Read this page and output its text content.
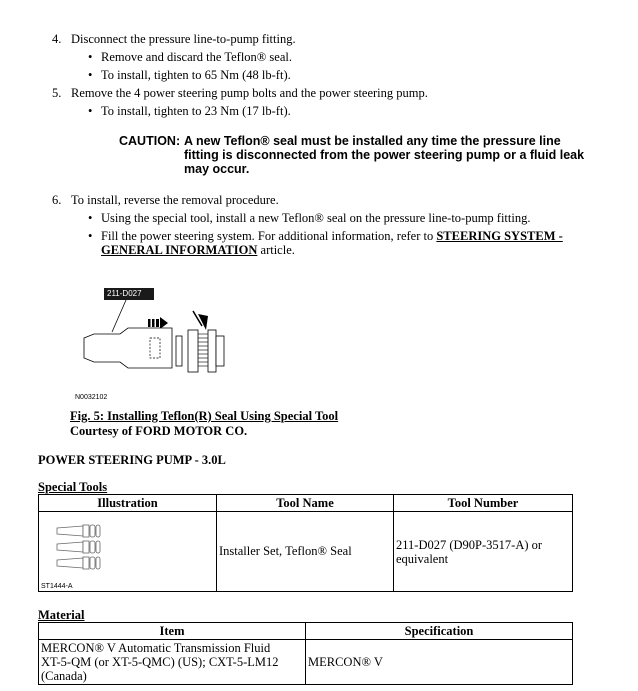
4. Disconnect the pressure line-to-pump fitting.
• Remove and discard the Teflon® seal.
• To install, tighten to 65 Nm (48 lb-ft).
5. Remove the 4 power steering pump bolts and the power steering pump.
• To install, tighten to 23 Nm (17 lb-ft).
CAUTION: A new Teflon® seal must be installed any time the pressure line
fitting is disconnected from the power steering pump or a fluid leak
may occur.
6. To install, reverse the removal procedure.
• Using the special tool, install a new Teflon® seal on the pressure line-to-pump fitting.
• Fill the power steering system. For additional information, refer to STEERING SYSTEM -
GENERAL INFORMATION article.
211-D027
N0032102
Fig. 5: Installing Teflon(R) Seal Using Special Tool
Courtesy of FORD MOTOR CO.
POWER STEERING PUMP - 3.0L
Special Tools
Illustration	Tool Name	Tool Number

ST1444-A	Installer Set, Teflon® Seal	211-D027 (D90P-3517-A) or
equivalent
Material
Item	Specification

MERCON® V Automatic Transmission Fluid
XT-5-QM (or XT-5-QMC) (US); CXT-5-LM12
(Canada)	MERCON® V
